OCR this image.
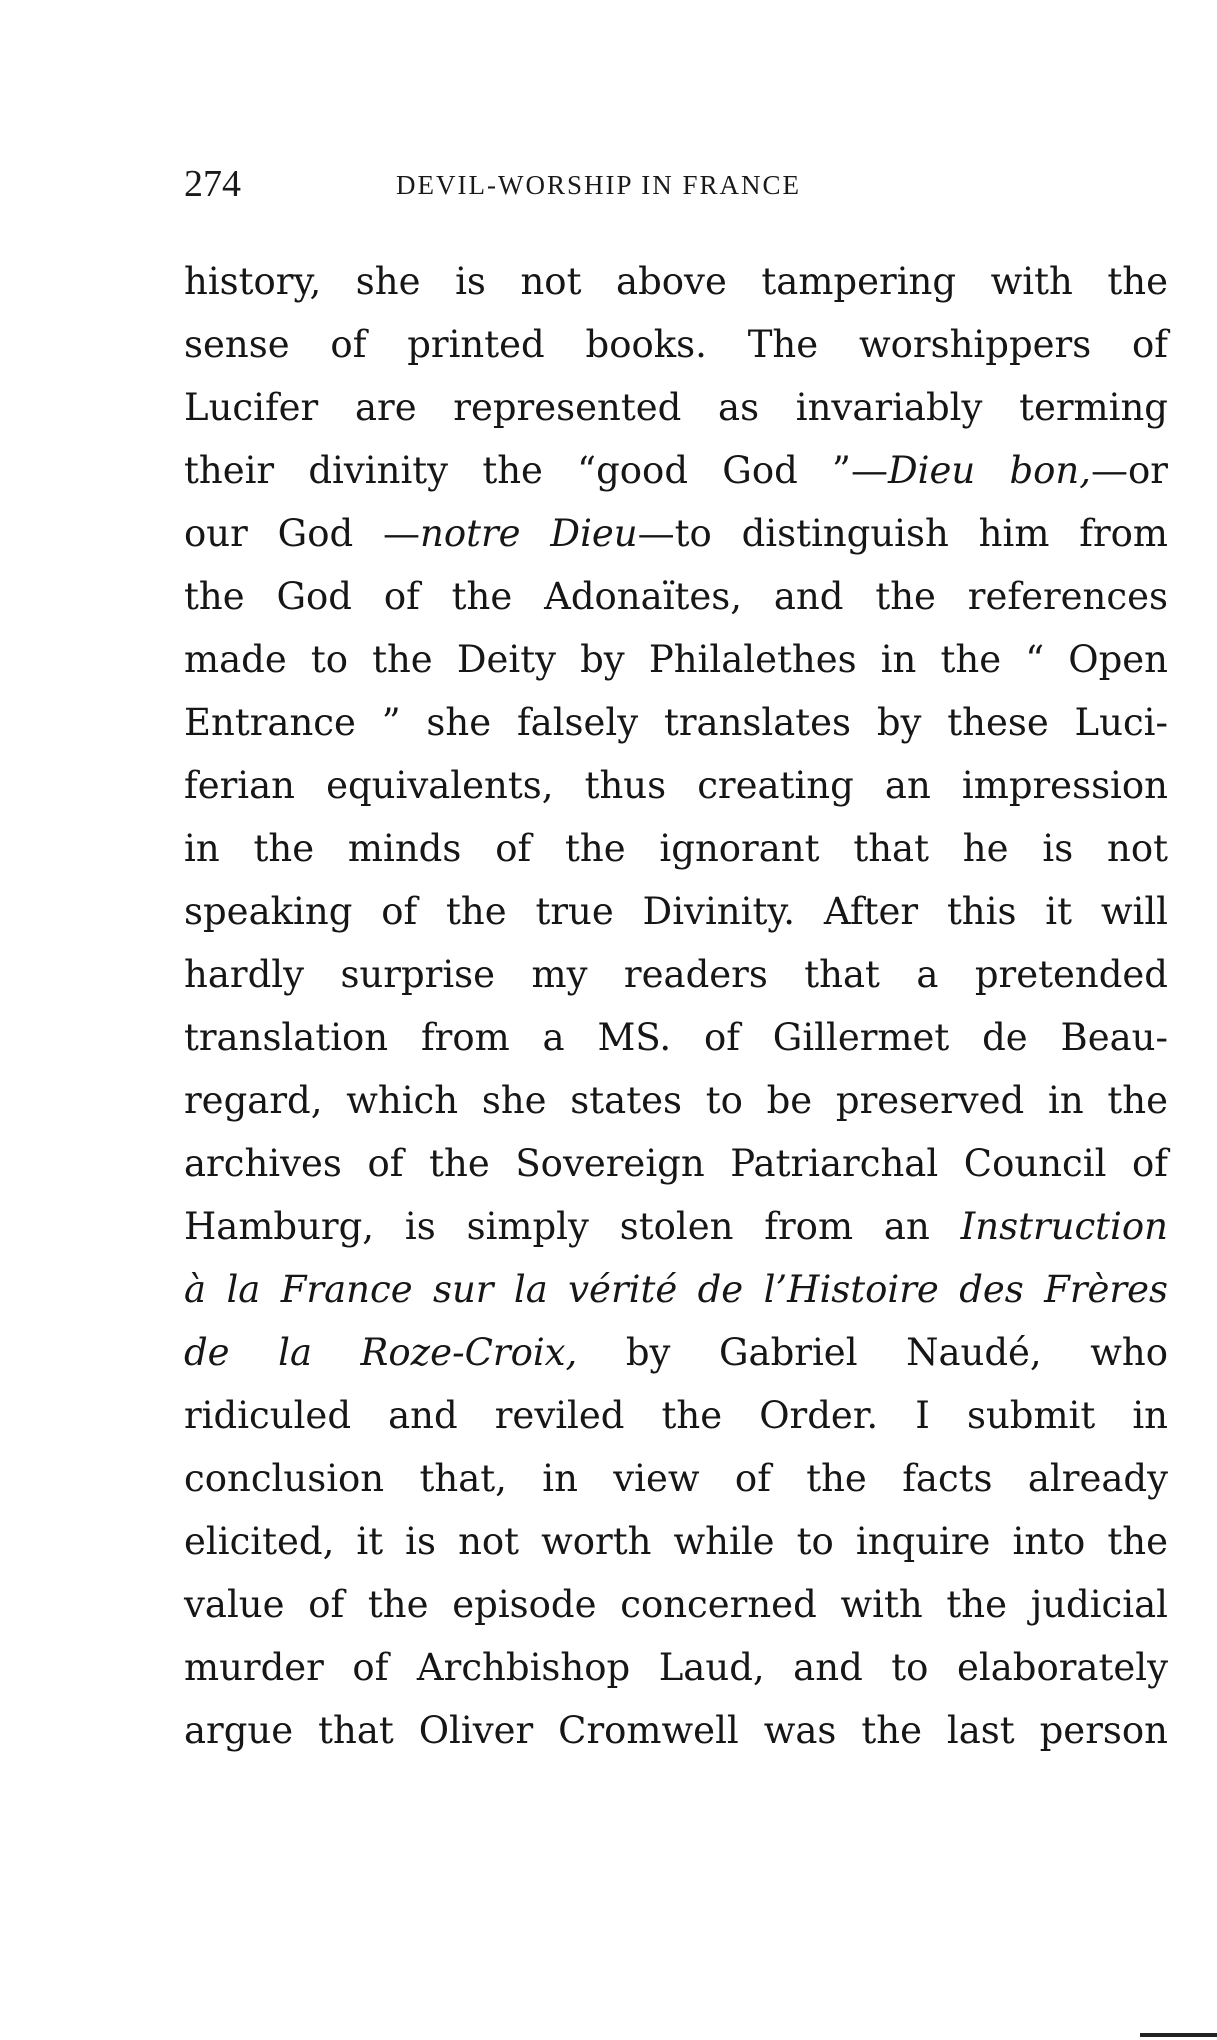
274	DEVIL-WORSHIP IN FRANCE
history, she is not above tampering with the
sense of printed books. The worshippers of
Lucifer are represented as invariably terming
their divinity the “good God ”—Dieu bon,—or
our God —notre Dieu—to distinguish him from
the God of the Adonaïtes, and the references
made to the Deity by Philalethes in the “ Open
Entrance ” she falsely translates by these Luci-
ferian equivalents, thus creating an impression
in the minds of the ignorant that he is not
speaking of the true Divinity. After this it will
hardly surprise my readers that a pretended
translation from a MS. of Gillermet de Beau-
regard, which she states to be preserved in the
archives of the Sovereign Patriarchal Council of
Hamburg, is simply stolen from an Instruction
à la France sur la vérité de l’Histoire des Frères
de la Roze-Croix, by Gabriel Naudé, who
ridiculed and reviled the Order. I submit in
conclusion that, in view of the facts already
elicited, it is not worth while to inquire into the
value of the episode concerned with the judicial
murder of Archbishop Laud, and to elaborately
argue that Oliver Cromwell was the last person
